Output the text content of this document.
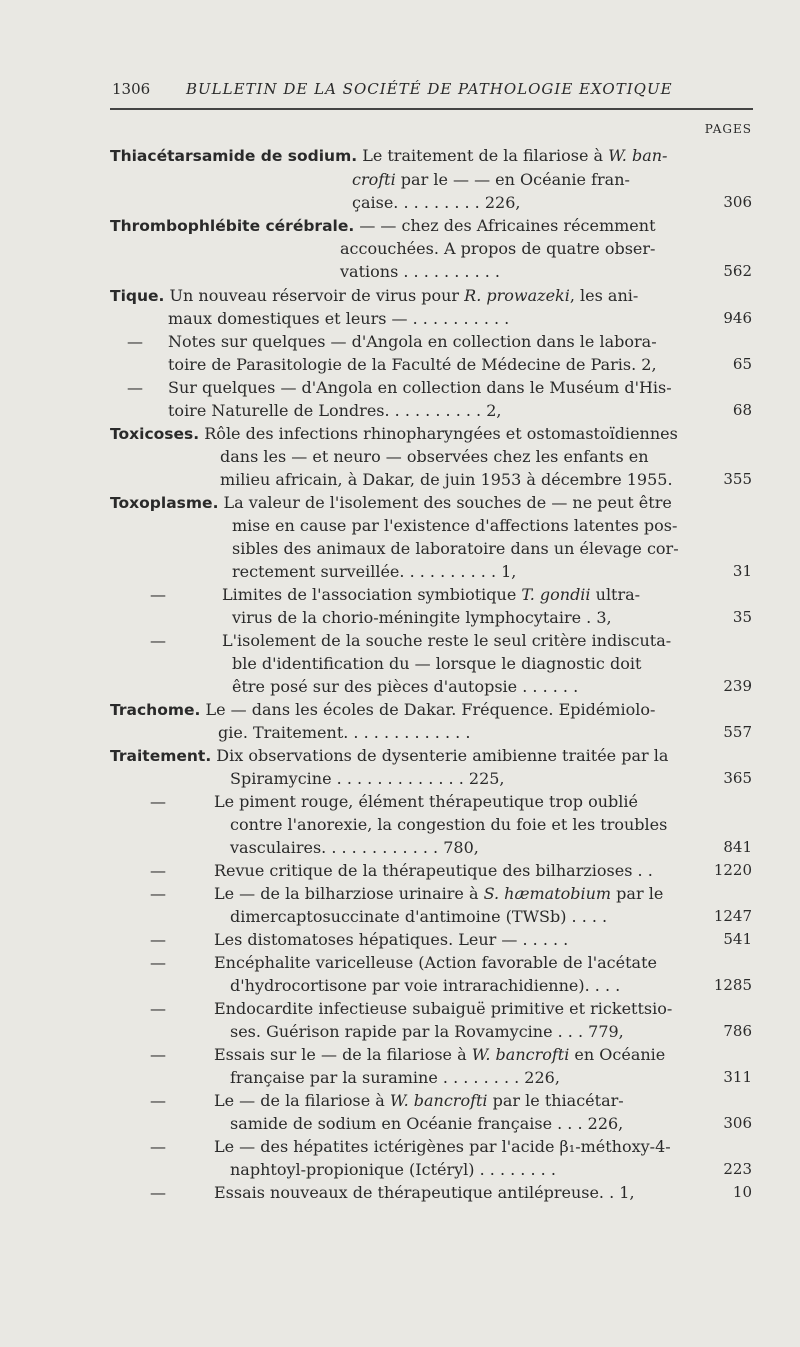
1306 BULLETIN DE LA SOCIÉTÉ DE PATHOLOGIE EXOTIQUE
PAGES
Thiacétarsamide de sodium. Le traitement de la filariose à W. ban-
crofti par le — — en Océanie fran-
çaise. . . . . . . . . 226,	306
Thrombophlébite cérébrale. — — chez des Africaines récemment
accouchées. A propos de quatre obser-
vations . . . . . . . . . .	562
Tique. Un nouveau réservoir de virus pour R. prowazeki, les ani-
maux domestiques et leurs — . . . . . . . . . .	946
— Notes sur quelques — d'Angola en collection dans le labora-
toire de Parasitologie de la Faculté de Médecine de Paris. 2,	65
— Sur quelques — d'Angola en collection dans le Muséum d'His-
toire Naturelle de Londres. . . . . . . . . . 2,	68
Toxicoses. Rôle des infections rhinopharyngées et ostomastoïdiennes
dans les — et neuro — observées chez les enfants en
milieu africain, à Dakar, de juin 1953 à décembre 1955.	355
Toxoplasme. La valeur de l'isolement des souches de — ne peut être
mise en cause par l'existence d'affections latentes pos-
sibles des animaux de laboratoire dans un élevage cor-
rectement surveillée. . . . . . . . . . 1,	31
—	Limites de l'association symbiotique T. gondii ultra-
virus de la chorio-méningite lymphocytaire . 3,	35
—	L'isolement de la souche reste le seul critère indiscuta-
ble d'identification du — lorsque le diagnostic doit
être posé sur des pièces d'autopsie . . . . . .	239
Trachome. Le — dans les écoles de Dakar. Fréquence. Epidémiolo-
gie. Traitement. . . . . . . . . . . . .	557
Traitement. Dix observations de dysenterie amibienne traitée par la
Spiramycine . . . . . . . . . . . . . 225,	365
—	Le piment rouge, élément thérapeutique trop oublié
contre l'anorexie, la congestion du foie et les troubles
vasculaires. . . . . . . . . . . . 780,	841
—	Revue critique de la thérapeutique des bilharzioses . .	1220
—	Le — de la bilharziose urinaire à S. hæmatobium par le
dimercaptosuccinate d'antimoine (TWSb) . . . .	1247
—	Les distomatoses hépatiques. Leur — . . . . .	541
—	Encéphalite varicelleuse (Action favorable de l'acétate
d'hydrocortisone par voie intrarachidienne). . . .	1285
—	Endocardite infectieuse subaiguë primitive et rickettsio-
ses. Guérison rapide par la Rovamycine . . . 779,	786
—	Essais sur le — de la filariose à W. bancrofti en Océanie
française par la suramine . . . . . . . . 226,	311
—	Le — de la filariose à W. bancrofti par le thiacétar-
samide de sodium en Océanie française . . . 226,	306
—	Le — des hépatites ictérigènes par l'acide β₁-méthoxy-4-
naphtoyl-propionique (Ictéryl) . . . . . . . .	223
—	Essais nouveaux de thérapeutique antilépreuse. . 1,	10
